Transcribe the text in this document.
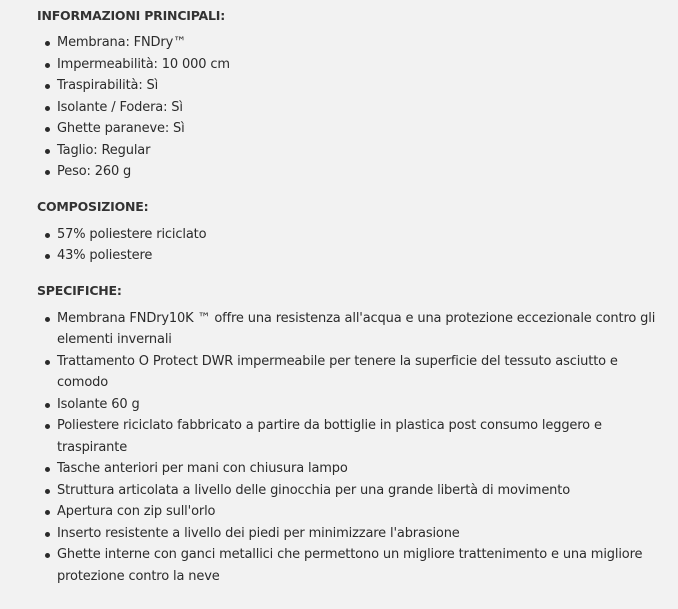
INFORMAZIONI PRINCIPALI:
Membrana: FNDry™
Impermeabilità: 10 000 cm
Traspirabilità: Sì
Isolante / Fodera: Sì
Ghette paraneve: Sì
Taglio: Regular
Peso: 260 g
COMPOSIZIONE:
57% poliestere riciclato
43% poliestere
SPECIFICHE:
Membrana FNDry10K ™ offre una resistenza all'acqua e una protezione eccezionale contro gli elementi invernali
Trattamento O Protect DWR impermeabile per tenere la superficie del tessuto asciutto e comodo
Isolante 60 g
Poliestere riciclato fabbricato a partire da bottiglie in plastica post consumo leggero e traspirante
Tasche anteriori per mani con chiusura lampo
Struttura articolata a livello delle ginocchia per una grande libertà di movimento
Apertura con zip sull'orlo
Inserto resistente a livello dei piedi per minimizzare l'abrasione
Ghette interne con ganci metallici che permettono un migliore trattenimento e una migliore protezione contro la neve
